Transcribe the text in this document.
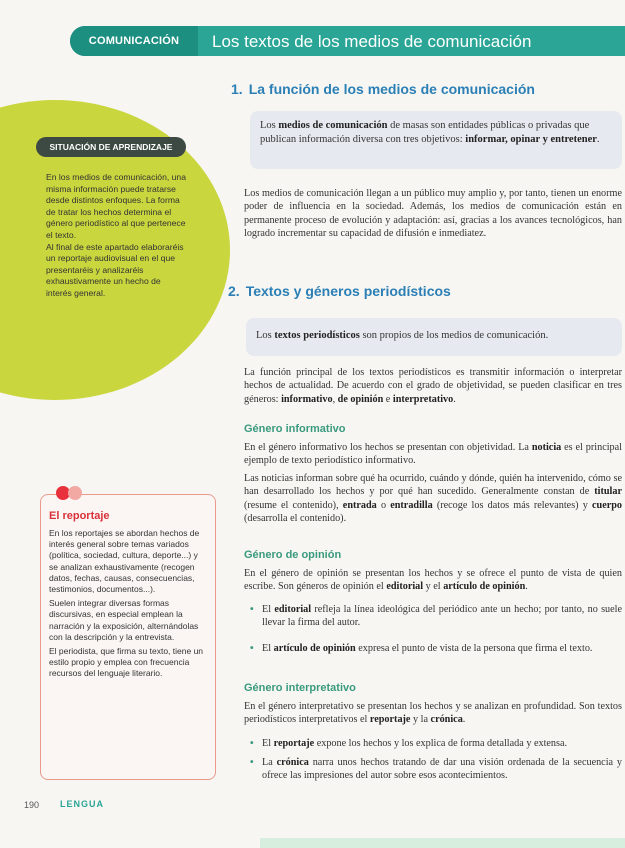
COMUNICACIÓN	Los textos de los medios de comunicación
SITUACIÓN DE APRENDIZAJE

En los medios de comunicación, una misma información puede tratarse desde distintos enfoques. La forma de tratar los hechos determina el género periodístico al que pertenece el texto.

Al final de este apartado elaboraréis un reportaje audiovisual en el que presentaréis y analizaréis exhaustivamente un hecho de interés general.

El reportaje

En los reportajes se abordan hechos de interés general sobre temas variados (política, sociedad, cultura, deporte...) y se analizan exhaustivamente (recogen datos, fechas, causas, consecuencias, testimonios, documentos...).

Suelen integrar diversas formas discursivas, en especial emplean la narración y la exposición, alternándolas con la descripción y la entrevista.

El periodista, que firma su texto, tiene un estilo propio y emplea con frecuencia recursos del lenguaje literario.

1. La función de los medios de comunicación
Los medios de comunicación de masas son entidades públicas o privadas que publican información diversa con tres objetivos: informar, opinar y entretener.
Los medios de comunicación llegan a un público muy amplio y, por tanto, tienen un enorme poder de influencia en la sociedad. Además, los medios de comunicación están en permanente proceso de evolución y adaptación: así, gracias a los avances tecnológicos, han logrado incrementar su capacidad de difusión e inmediatez.
2. Textos y géneros periodísticos
Los textos periodísticos son propios de los medios de comunicación.
La función principal de los textos periodísticos es transmitir información o interpretar hechos de actualidad. De acuerdo con el grado de objetividad, se pueden clasificar en tres géneros: informativo, de opinión e interpretativo.
Género informativo
En el género informativo los hechos se presentan con objetividad. La noticia es el principal ejemplo de texto periodístico informativo.
Las noticias informan sobre qué ha ocurrido, cuándo y dónde, quién ha intervenido, cómo se han desarrollado los hechos y por qué han sucedido. Generalmente constan de titular (resume el contenido), entrada o entradilla (recoge los datos más relevantes) y cuerpo (desarrolla el contenido).
Género de opinión
En el género de opinión se presentan los hechos y se ofrece el punto de vista de quien escribe. Son géneros de opinión el editorial y el artículo de opinión.
• El editorial refleja la línea ideológica del periódico ante un hecho; por tanto, no suele llevar la firma del autor.
• El artículo de opinión expresa el punto de vista de la persona que firma el texto.
Género interpretativo
En el género interpretativo se presentan los hechos y se analizan en profundidad. Son textos periodísticos interpretativos el reportaje y la crónica.
• El reportaje expone los hechos y los explica de forma detallada y extensa.
• La crónica narra unos hechos tratando de dar una visión ordenada de la secuencia y ofrece las impresiones del autor sobre esos acontecimientos.
190 LENGUA
